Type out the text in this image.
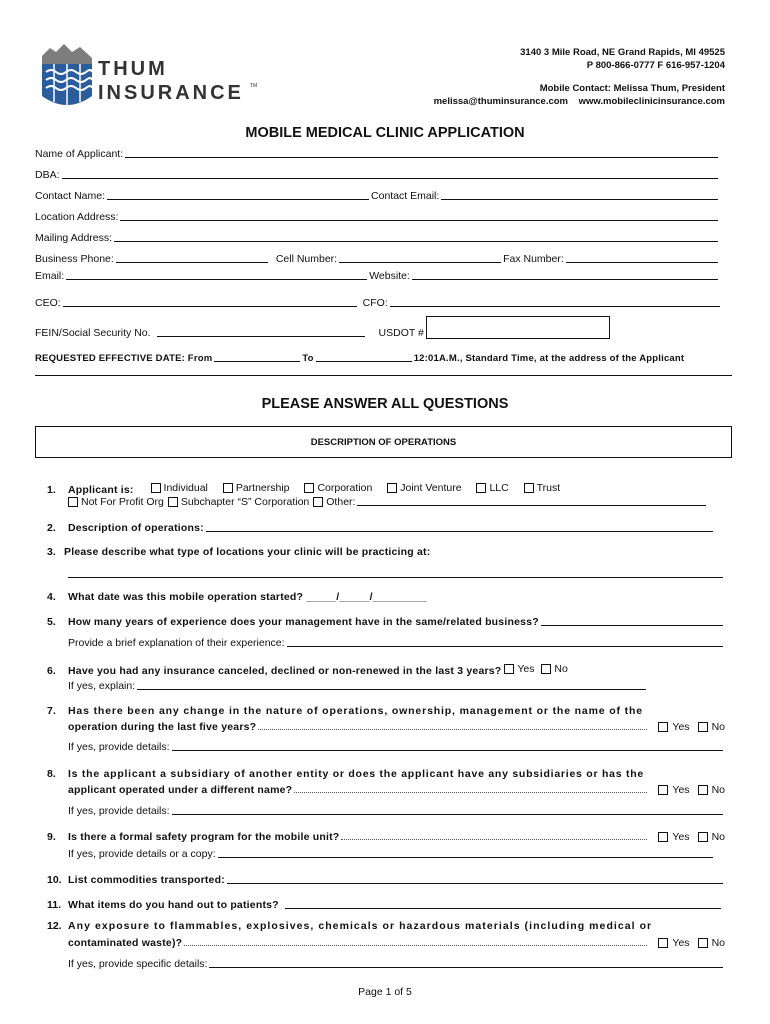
THUM
INSURANCE TM
3140 3 Mile Road, NE Grand Rapids, MI 49525
P 800-866-0777 F 616-957-1204
Mobile Contact: Melissa Thum, President
melissa@thuminsurance.com www.mobileclinicinsurance.com
MOBILE MEDICAL CLINIC APPLICATION
Name of Applicant:
DBA:
Contact Name:	Contact Email:
Location Address:
Mailing Address:
Business Phone:	Cell Number:	Fax Number:
Email:	Website:
CEO:	CFO:
FEIN/Social Security No.	USDOT #
REQUESTED EFFECTIVE DATE: From	To	12:01A.M., Standard Time, at the address of the Applicant
PLEASE ANSWER ALL QUESTIONS
DESCRIPTION OF OPERATIONS
1. Applicant is:	Individual
	Partnership
	Corporation
	Joint Venture
	LLC
	Trust
Not For Profit Org Subchapter “S” Corporation Other:
2.	Description of operations:
3. Please describe what type of locations your clinic will be practicing at:
4. What date was this mobile operation started? _____/_____/_________
5.	How many years of experience does your management have in the same/related business?
Provide a brief explanation of their experience:
6. Have you had any insurance canceled, declined or non-renewed in the last 3 years? Yes
No
If yes, explain:
7. Has there been any change in the nature of operations, ownership, management or the name of the
operation during the last five years?	Yes No
If yes, provide details:
8. Is the applicant a subsidiary of another entity or does the applicant have any subsidiaries or has the
applicant operated under a different name?	Yes No
If yes, provide details:
9.	Is there a formal safety program for the mobile unit?	Yes No
If yes, provide details or a copy:
10. List commodities transported:
11. What items do you hand out to patients?
12. Any exposure to flammables, explosives, chemicals or hazardous materials (including medical or
contaminated waste)?	Yes No
If yes, provide specific details:
Page 1 of 5
